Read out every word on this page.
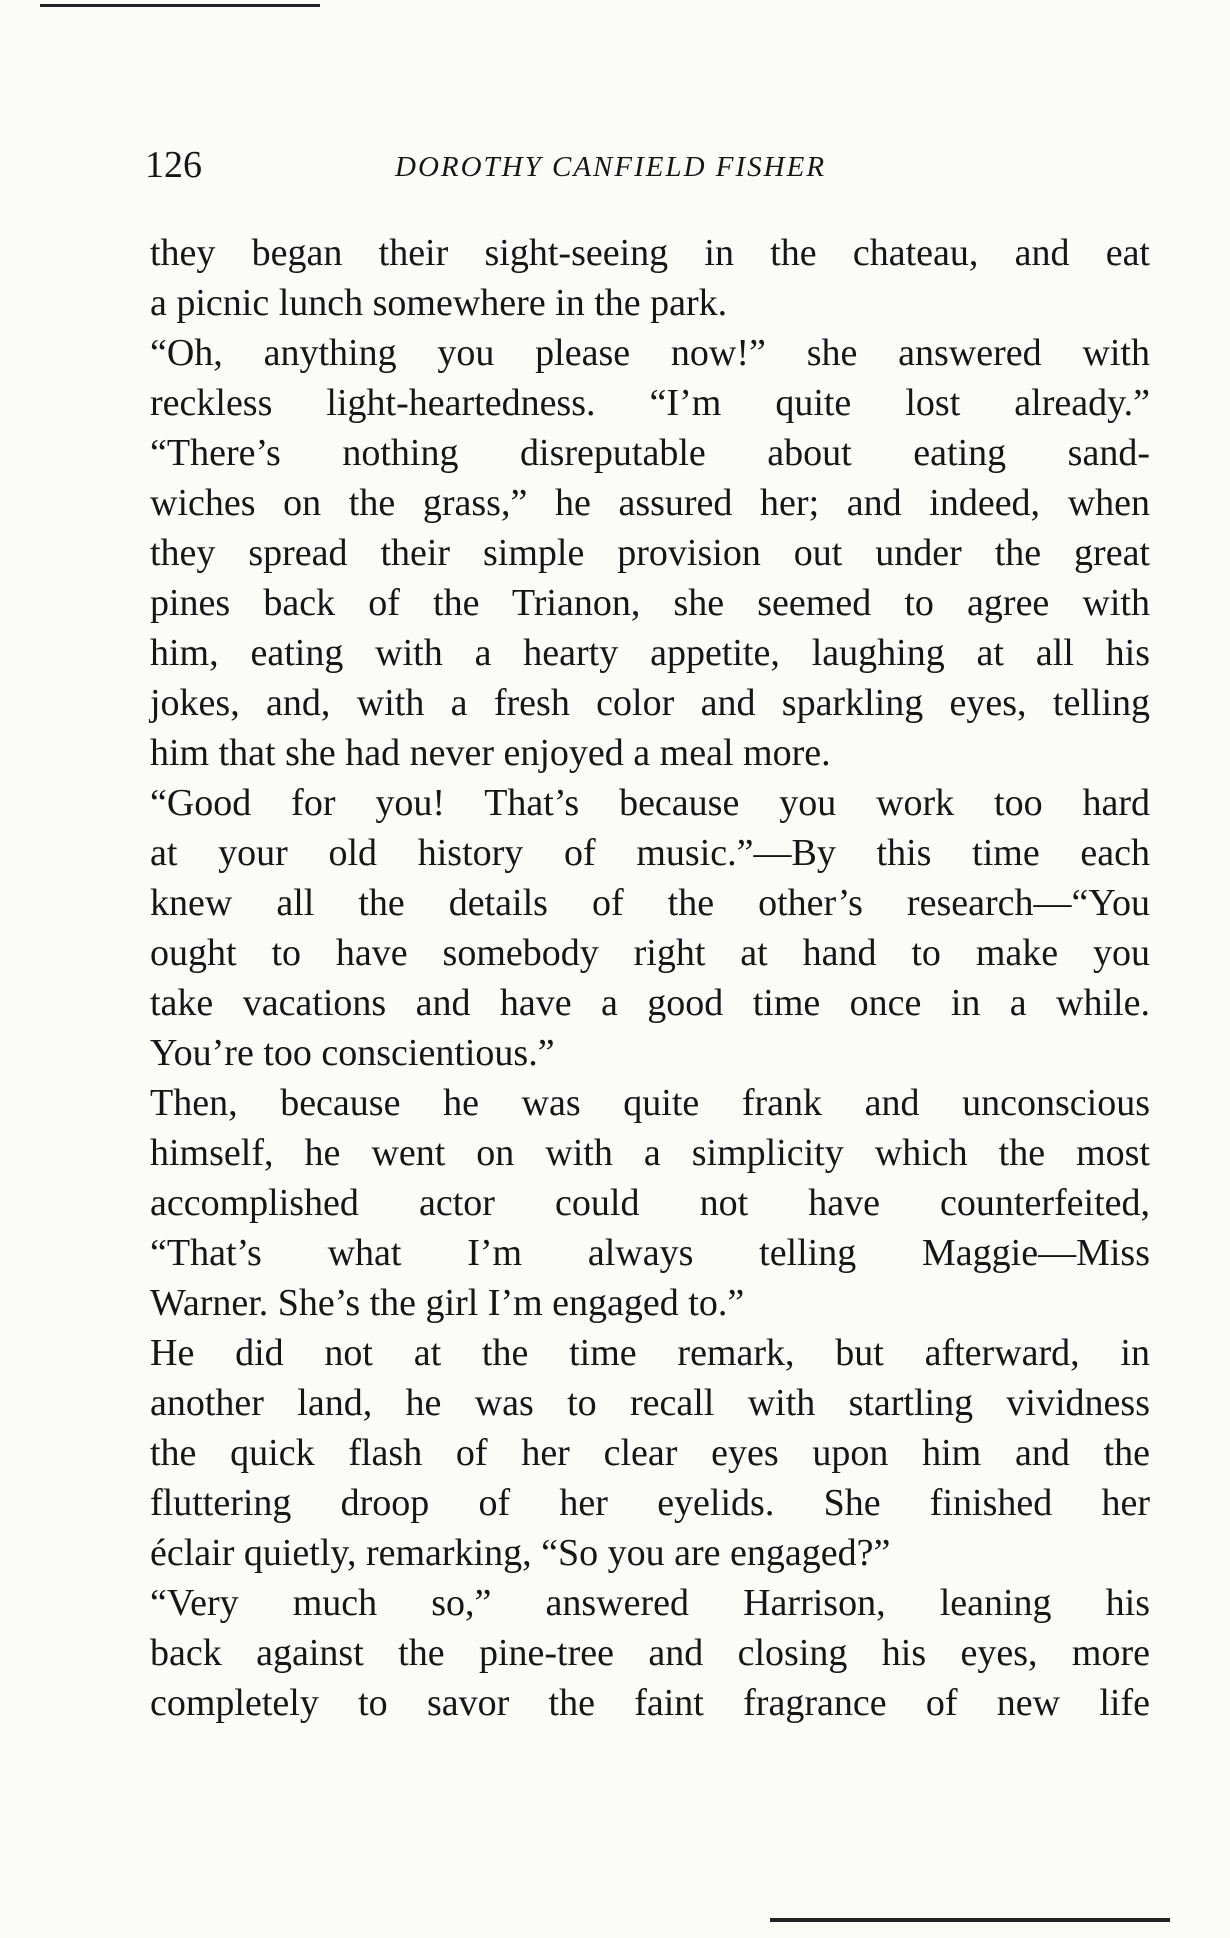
126	DOROTHY CANFIELD FISHER
they began their sight-seeing in the chateau, and eat
a picnic lunch somewhere in the park.
“Oh, anything you please now!” she answered with
reckless light-heartedness. “I’m quite lost already.”
“There’s nothing disreputable about eating sand-
wiches on the grass,” he assured her; and indeed, when
they spread their simple provision out under the great
pines back of the Trianon, she seemed to agree with
him, eating with a hearty appetite, laughing at all his
jokes, and, with a fresh color and sparkling eyes, telling
him that she had never enjoyed a meal more.
“Good for you! That’s because you work too hard
at your old history of music.”—By this time each
knew all the details of the other’s research—“You
ought to have somebody right at hand to make you
take vacations and have a good time once in a while.
You’re too conscientious.”
Then, because he was quite frank and unconscious
himself, he went on with a simplicity which the most
accomplished actor could not have counterfeited,
“That’s what I’m always telling Maggie—Miss
Warner. She’s the girl I’m engaged to.”
He did not at the time remark, but afterward, in
another land, he was to recall with startling vividness
the quick flash of her clear eyes upon him and the
fluttering droop of her eyelids. She finished her
éclair quietly, remarking, “So you are engaged?”
“Very much so,” answered Harrison, leaning his
back against the pine-tree and closing his eyes, more
completely to savor the faint fragrance of new life
